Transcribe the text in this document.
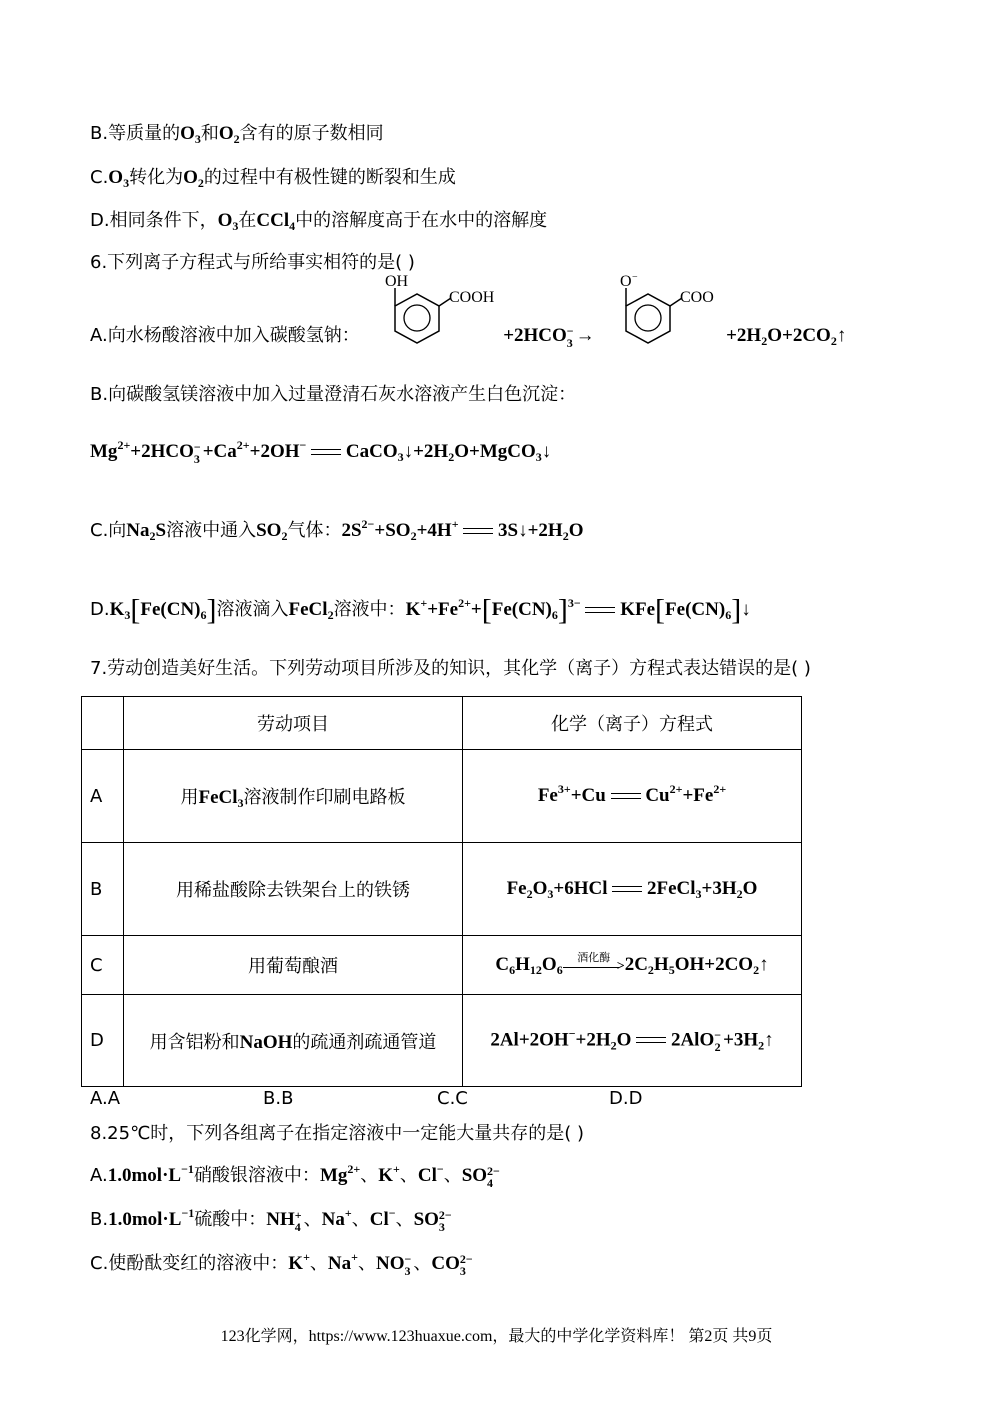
B.等质量的$O_3$和$O_2$含有的原子数相同
$C.O_3$转化为$O_2$的过程中有极性键的断裂和生成
D.相同条件下，$O_3$在CCl$_4$中的溶解度高于在水中的溶解度
6.下列离子方程式与所给事实相符的是( )
A.向水杨酸溶液中加入碳酸氢钠：
OH
COOH
+2HCO −
3 →
O −
COO
$+2H_2O+2CO_2↑$
B.向碳酸氢镁溶液中加入过量澄清石灰水溶液产生白色沉淀：
$Mg^{2+}+2HCO$ −
$3 +Ca^{2+}+2OH^-$  $CaCO_3↓+2H_2O+MgCO_3↓$
C.向$Na_2S$溶液中通入$SO_2$气体：$2S^{2-}+SO_2+4H^+$  $3S↓+2H_2O$
$D.K_3[Fe(CN)_6]$溶液滴入FeCl$_2$溶液中：$K^++Fe^{2+}+[Fe(CN)_6]^{3-}$  $KFe[Fe(CN)_6]↓$
7.劳动创造美好生活。下列劳动项目所涉及的知识，其化学（离子）方程式表达错误的是( )
	劳动项目	化学（离子）方程式
A	用FeCl$_3$溶液制作印刷电路板	$Fe^{3+}+Cu$  $Cu^{2+}+Fe^{2+}$
B	用稀盐酸除去铁架台上的铁锈	$Fe_2O_3+6HCl$  $2FeCl_3+3H_2O$
C	用葡萄酿酒	$C_6H_{12}O_6$
酒化酶
> $2C_2H_5OH+2CO_2↑$
D	用含铝粉和NaOH的疏通剂疏通管道	$2Al+2OH^-+2H_2O$  2AlO −
$2 +3H_2↑$
A.A	B.B	C.C	D.D
8.25℃时，下列各组离子在指定溶液中一定能大量共存的是( )
$A.1.0mol\cdot L^{-1}$硝酸银溶液中：$Mg^{2+}$、K+、Cl−、SO 2−
4
$B.1.0mol\cdot L^{-1}$硫酸中：NH +
4 、Na+、Cl−、SO 2−
3
C.使酚酞变红的溶液中：K+、Na+、NO −
3 、CO 2−
3
123化学网，https://www.123huaxue.com，最大的中学化学资料库！ 第2页 共9页
